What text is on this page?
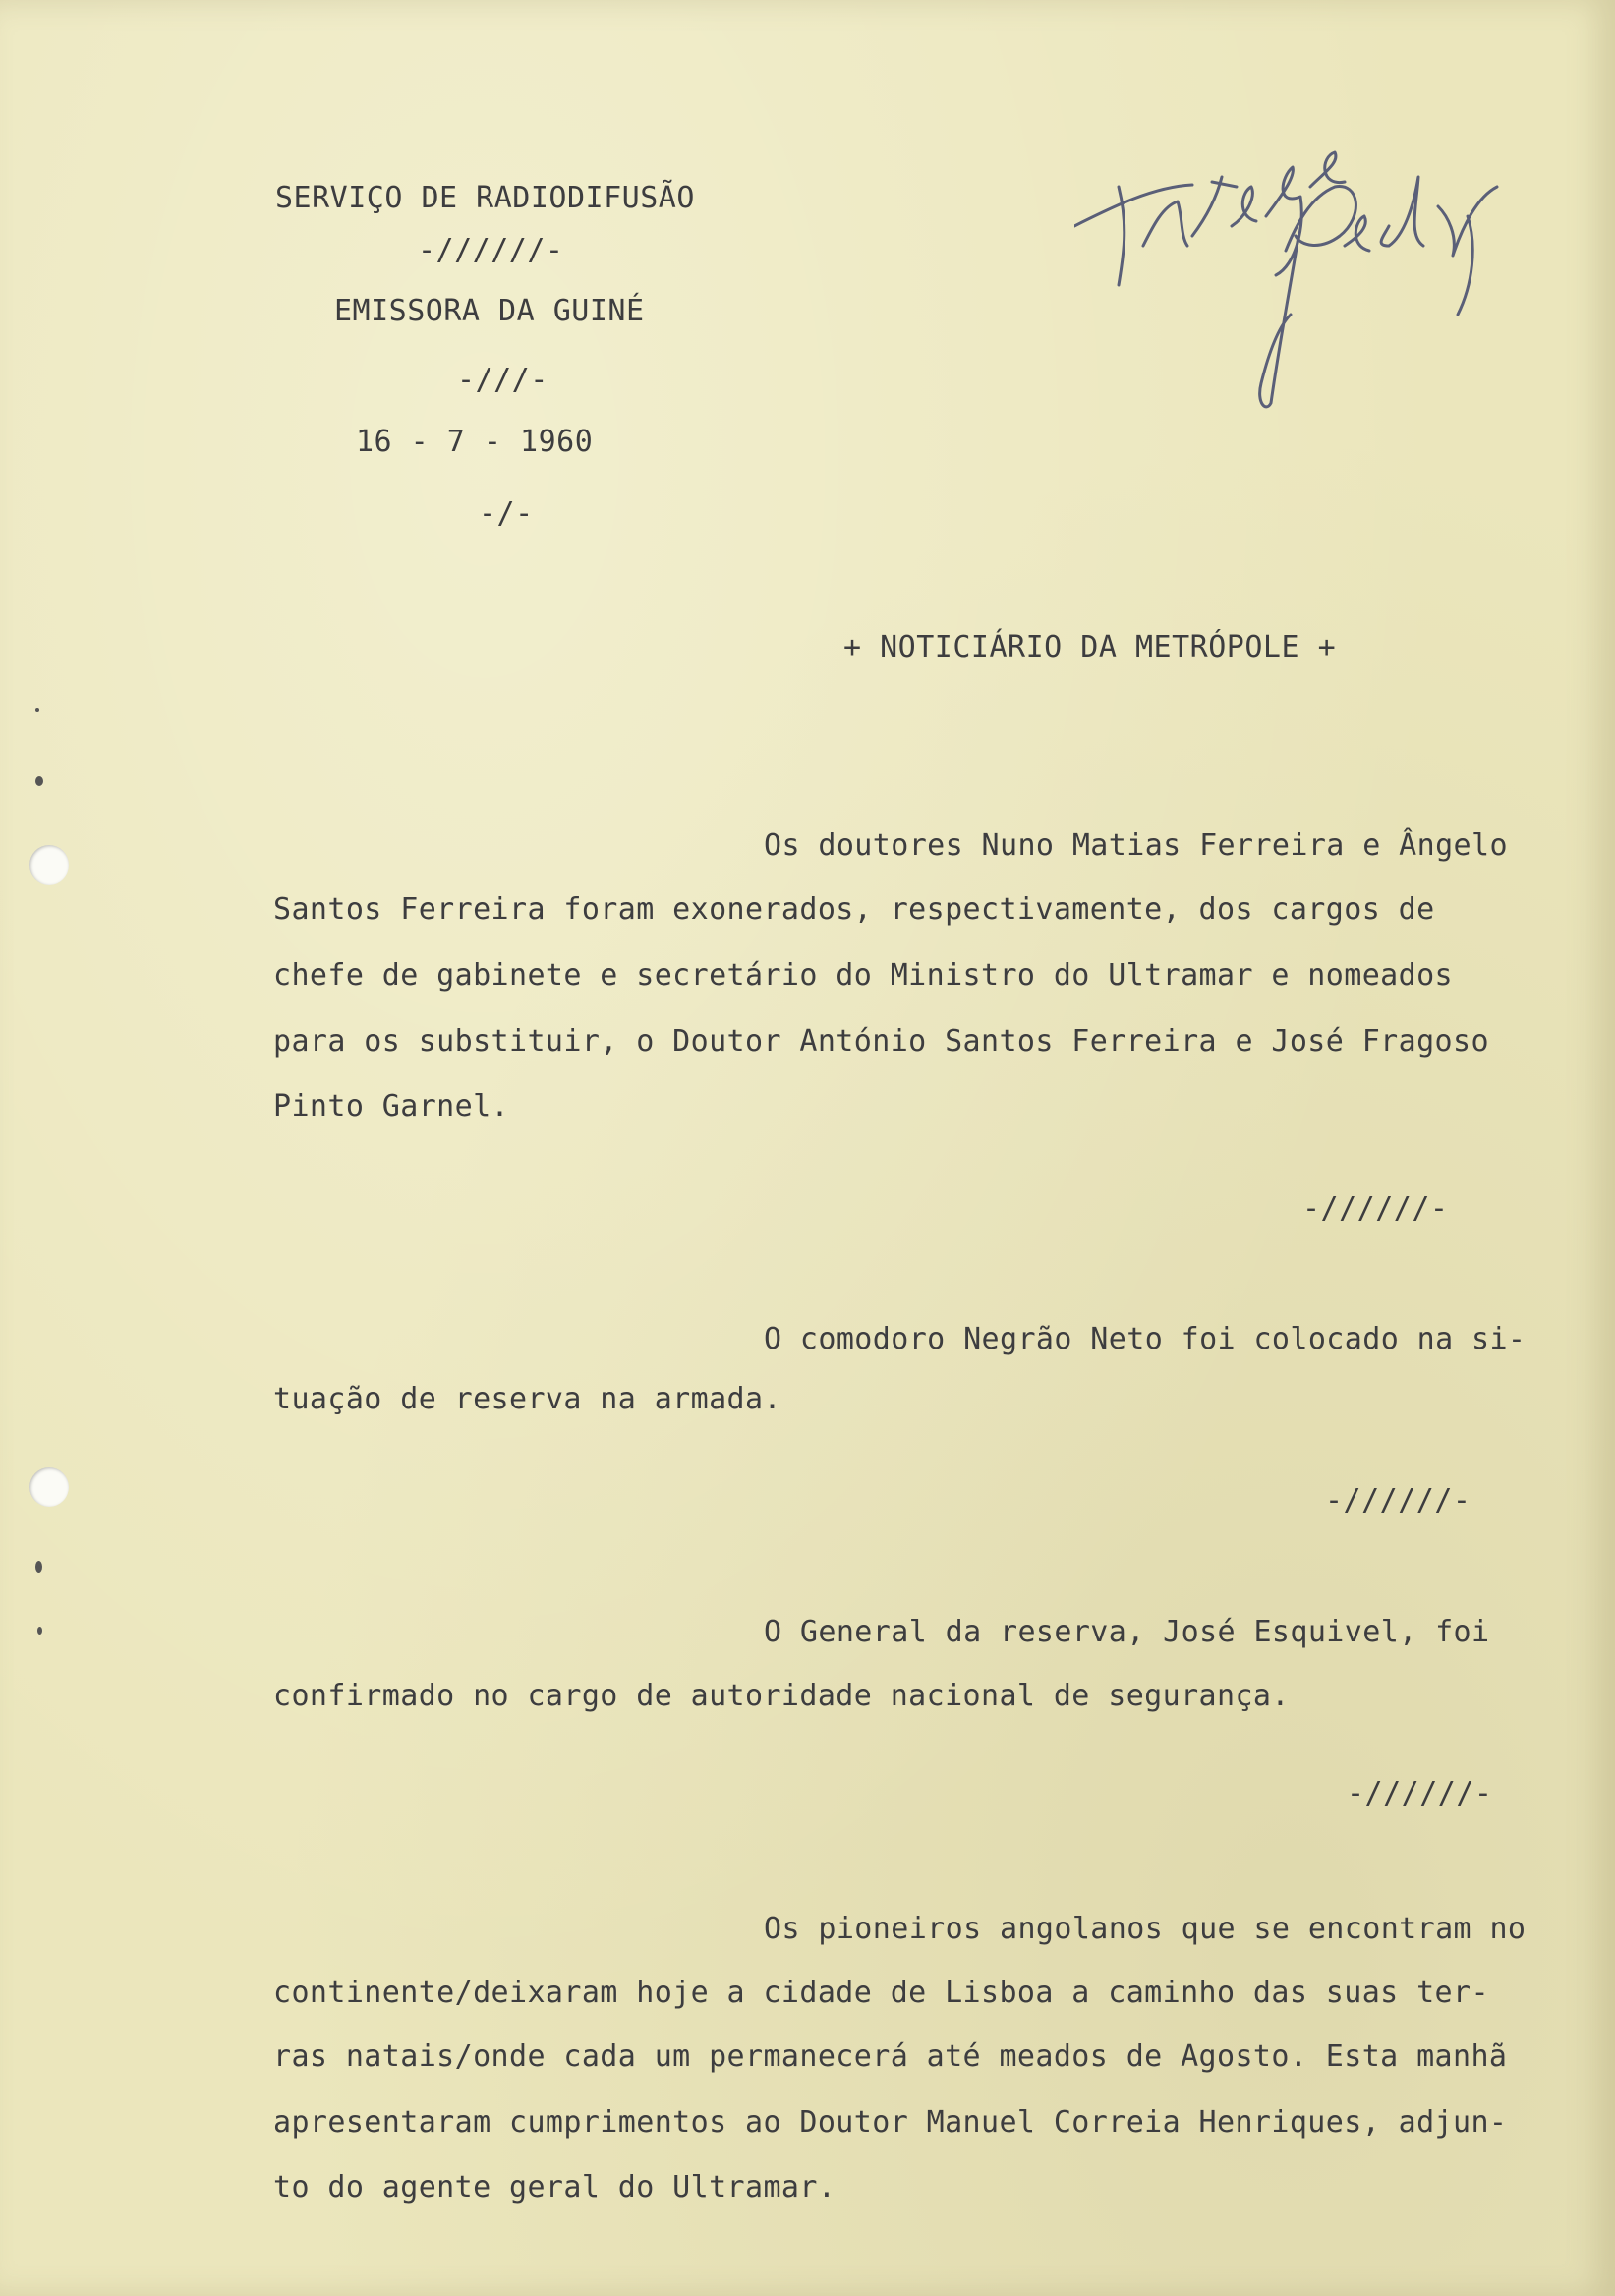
SERVIÇO DE RADIODIFUSÃO
-//////-
EMISSORA DA GUINÉ
-///-
16 - 7 - 1960
-/-
+ NOTICIÁRIO DA METRÓPOLE +
Os doutores Nuno Matias Ferreira e Ângelo
Santos Ferreira foram exonerados, respectivamente, dos cargos de
chefe de gabinete e secretário do Ministro do Ultramar e nomeados
para os substituir, o Doutor António Santos Ferreira e José Fragoso
Pinto Garnel.
-//////-
O comodoro Negrão Neto foi colocado na si-
tuação de reserva na armada.
-//////-
O General da reserva, José Esquivel, foi
confirmado no cargo de autoridade nacional de segurança.
-//////-
Os pioneiros angolanos que se encontram no
continente/deixaram hoje a cidade de Lisboa a caminho das suas ter-
ras natais/onde cada um permanecerá até meados de Agosto. Esta manhã
apresentaram cumprimentos ao Doutor Manuel Correia Henriques, adjun-
to do agente geral do Ultramar.
